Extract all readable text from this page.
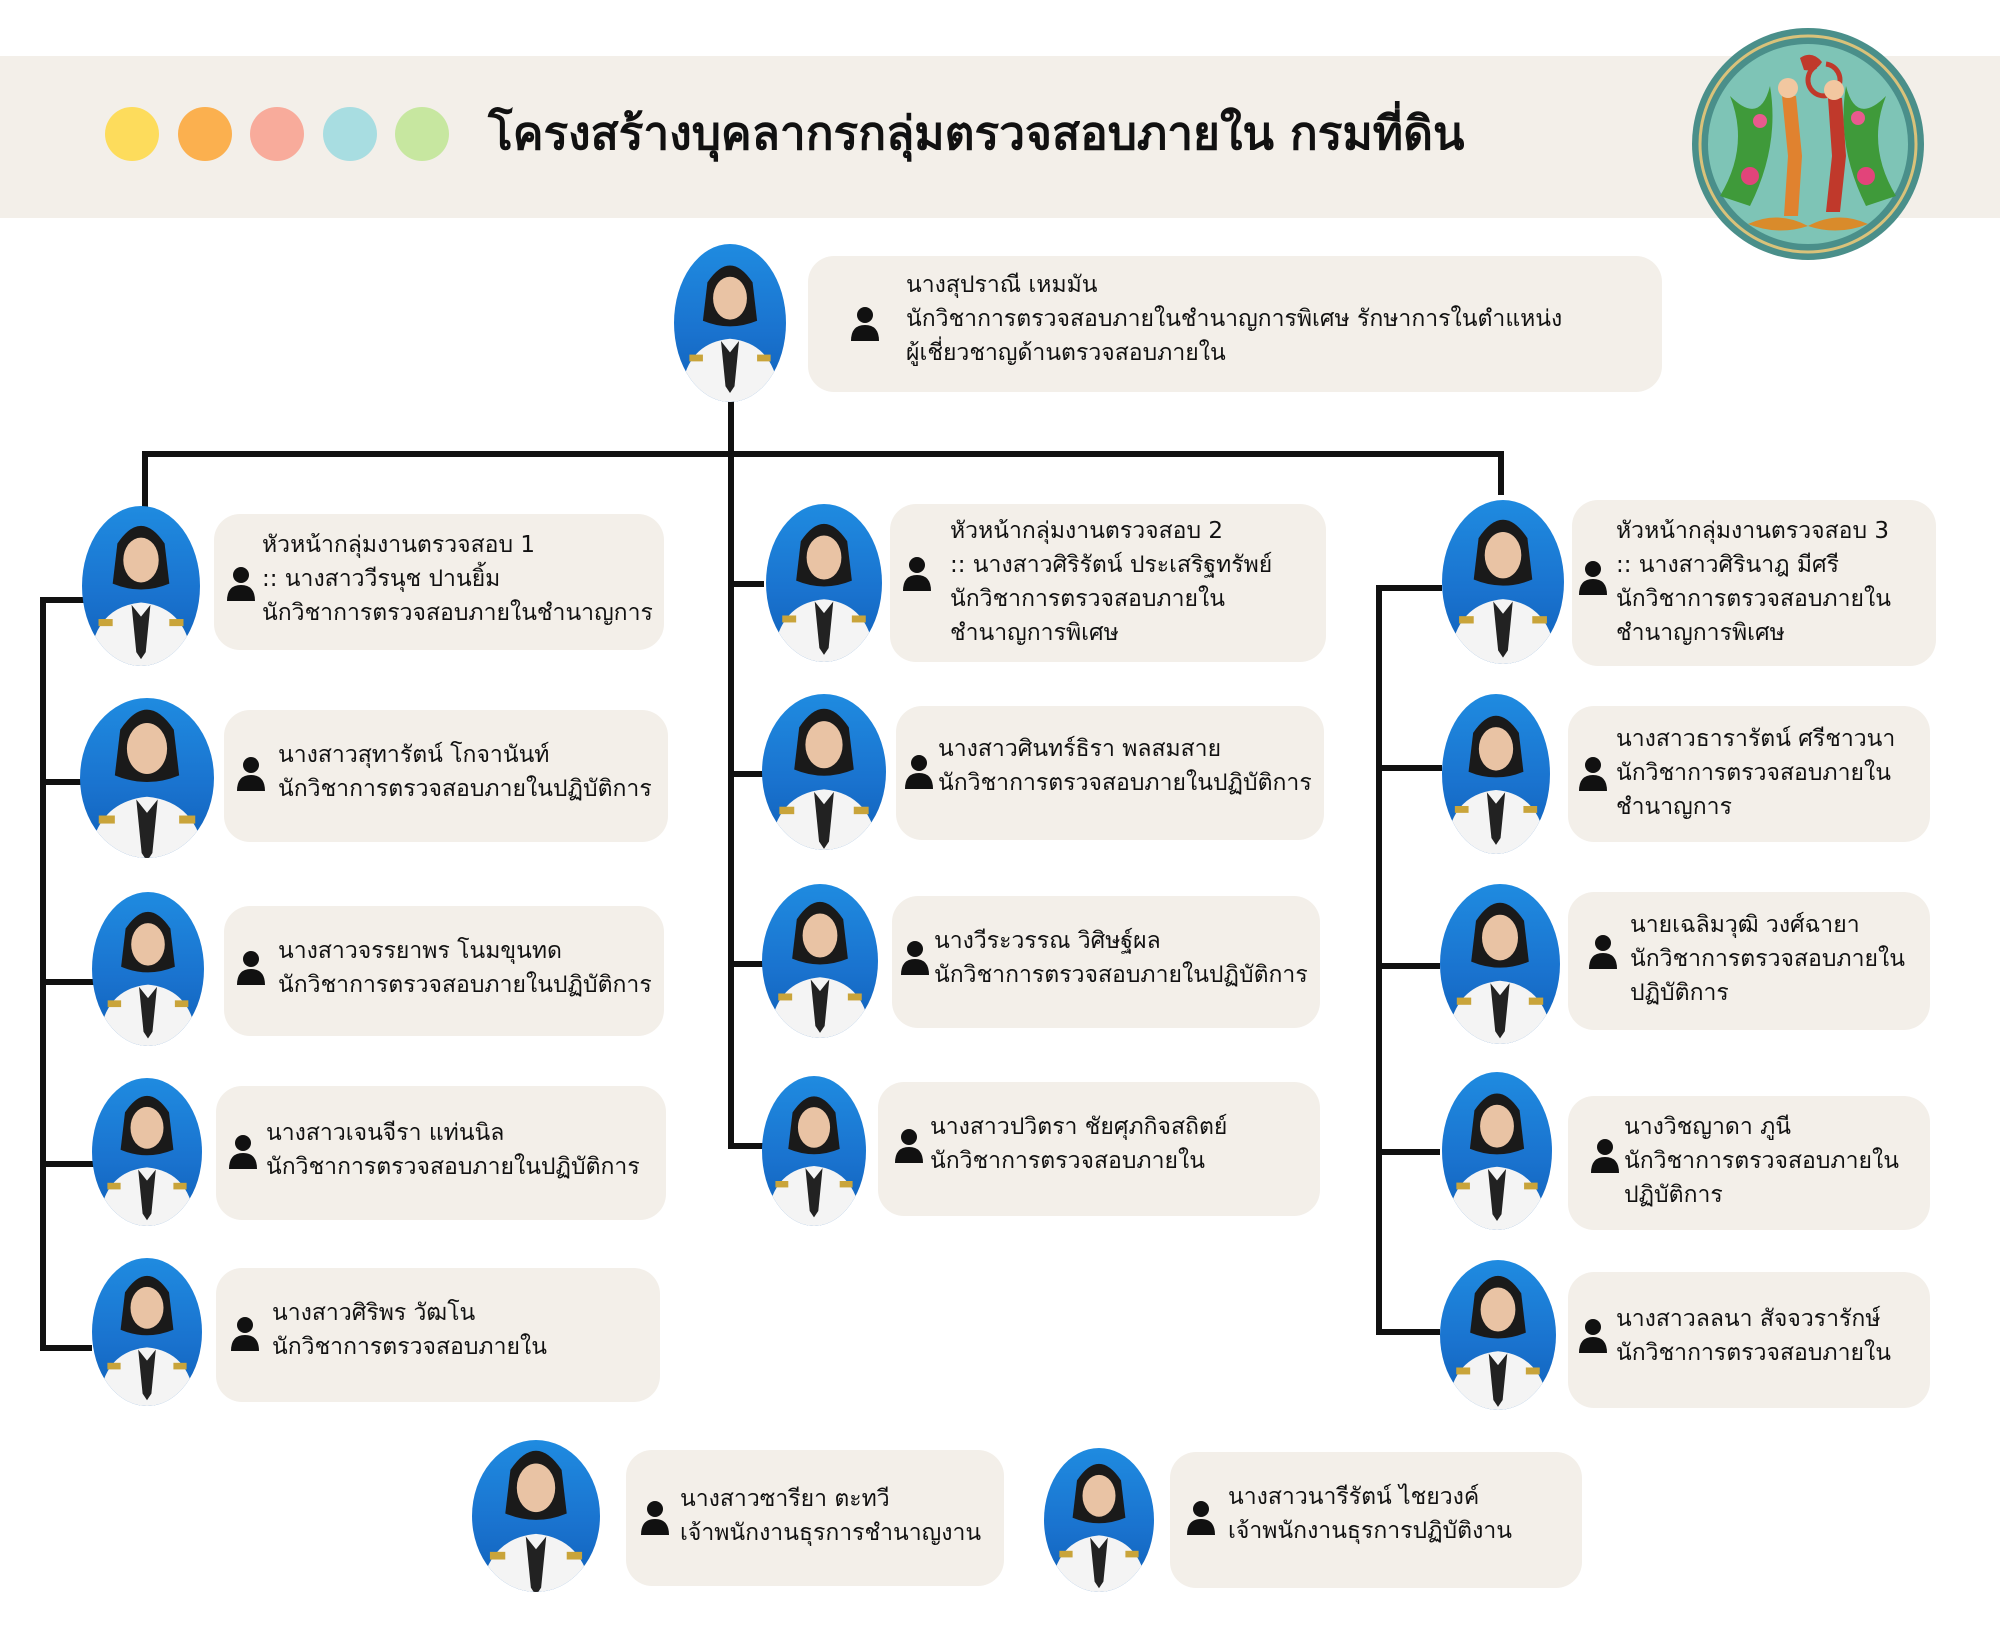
โครงสร้างบุคลากรกลุ่มตรวจสอบภายใน กรมที่ดิน
นางสุปราณี เหมมัน
นักวิชาการตรวจสอบภายในชำนาญการพิเศษ รักษาการในตำแหน่ง
ผู้เชี่ยวชาญด้านตรวจสอบภายใน
หัวหน้ากลุ่มงานตรวจสอบ 1
:: นางสาววีรนุช ปานยิ้ม
นักวิชาการตรวจสอบภายในชำนาญการ
นางสาวสุทารัตน์ โกจานันท์
นักวิชาการตรวจสอบภายในปฏิบัติการ
นางสาวจรรยาพร โนมขุนทด
นักวิชาการตรวจสอบภายในปฏิบัติการ
นางสาวเจนจีรา แท่นนิล
นักวิชาการตรวจสอบภายในปฏิบัติการ
นางสาวศิริพร วัฒโน
นักวิชาการตรวจสอบภายใน
หัวหน้ากลุ่มงานตรวจสอบ 2
:: นางสาวศิริรัตน์ ประเสริฐทรัพย์
นักวิชาการตรวจสอบภายใน
ชำนาญการพิเศษ
นางสาวศินทร์ธิรา พลสมสาย
นักวิชาการตรวจสอบภายในปฏิบัติการ
นางวีระวรรณ วิศิษฐ์ผล
นักวิชาการตรวจสอบภายในปฏิบัติการ
นางสาวปวิตรา ชัยศุภกิจสถิตย์
นักวิชาการตรวจสอบภายใน
หัวหน้ากลุ่มงานตรวจสอบ 3
:: นางสาวศิรินาฎ มีศรี
นักวิชาการตรวจสอบภายใน
ชำนาญการพิเศษ
นางสาวธารารัตน์ ศรีชาวนา
นักวิชาการตรวจสอบภายใน
ชำนาญการ
นายเฉลิมวุฒิ วงศ์ฉายา
นักวิชาการตรวจสอบภายใน
ปฏิบัติการ
นางวิชญาดา ภูนี
นักวิชาการตรวจสอบภายใน
ปฏิบัติการ
นางสาวลลนา สัจจวรารักษ์
นักวิชาการตรวจสอบภายใน
นางสาวซารียา ตะทวี
เจ้าพนักงานธุรการชำนาญงาน
นางสาวนารีรัตน์ ไชยวงค์
เจ้าพนักงานธุรการปฏิบัติงาน
